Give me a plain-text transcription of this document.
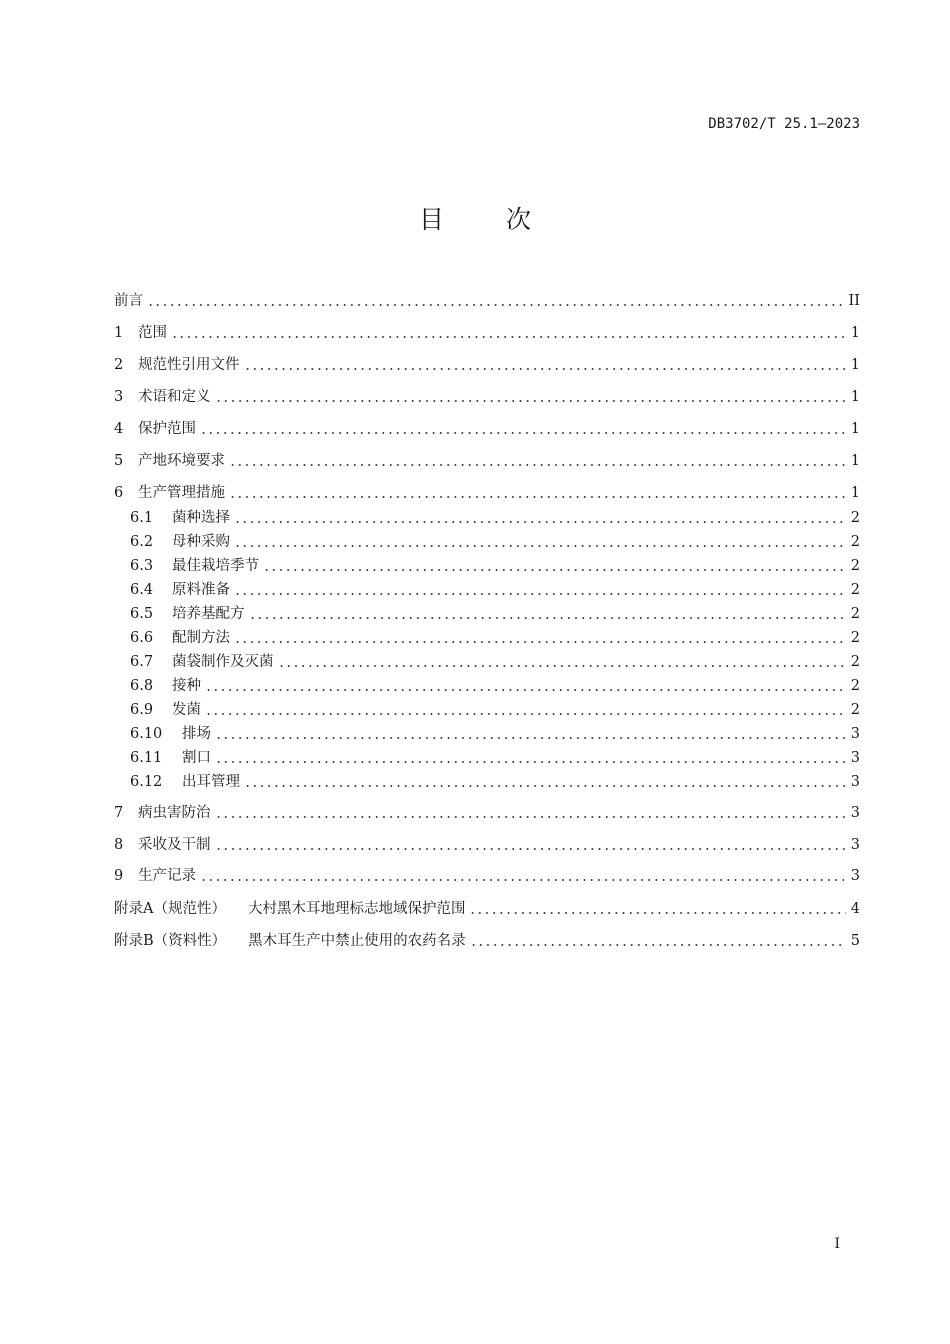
DB3702/T 25.1—2023
目次
前言	II
1	范围	1
2	规范性引用文件	1
3	术语和定义	1
4	保护范围	1
5	产地环境要求	1
6	生产管理措施	1
6.1	菌种选择	2
6.2	母种采购	2
6.3	最佳栽培季节	2
6.4	原料准备	2
6.5	培养基配方	2
6.6	配制方法	2
6.7	菌袋制作及灭菌	2
6.8	接种	2
6.9	发菌	2
6.10	排场	3
6.11	割口	3
6.12	出耳管理	3
7	病虫害防治	3
8	采收及干制	3
9	生产记录	3
附录A（规范性） 大村黑木耳地理标志地域保护范围	4
附录B（资料性） 黑木耳生产中禁止使用的农药名录	5
I
